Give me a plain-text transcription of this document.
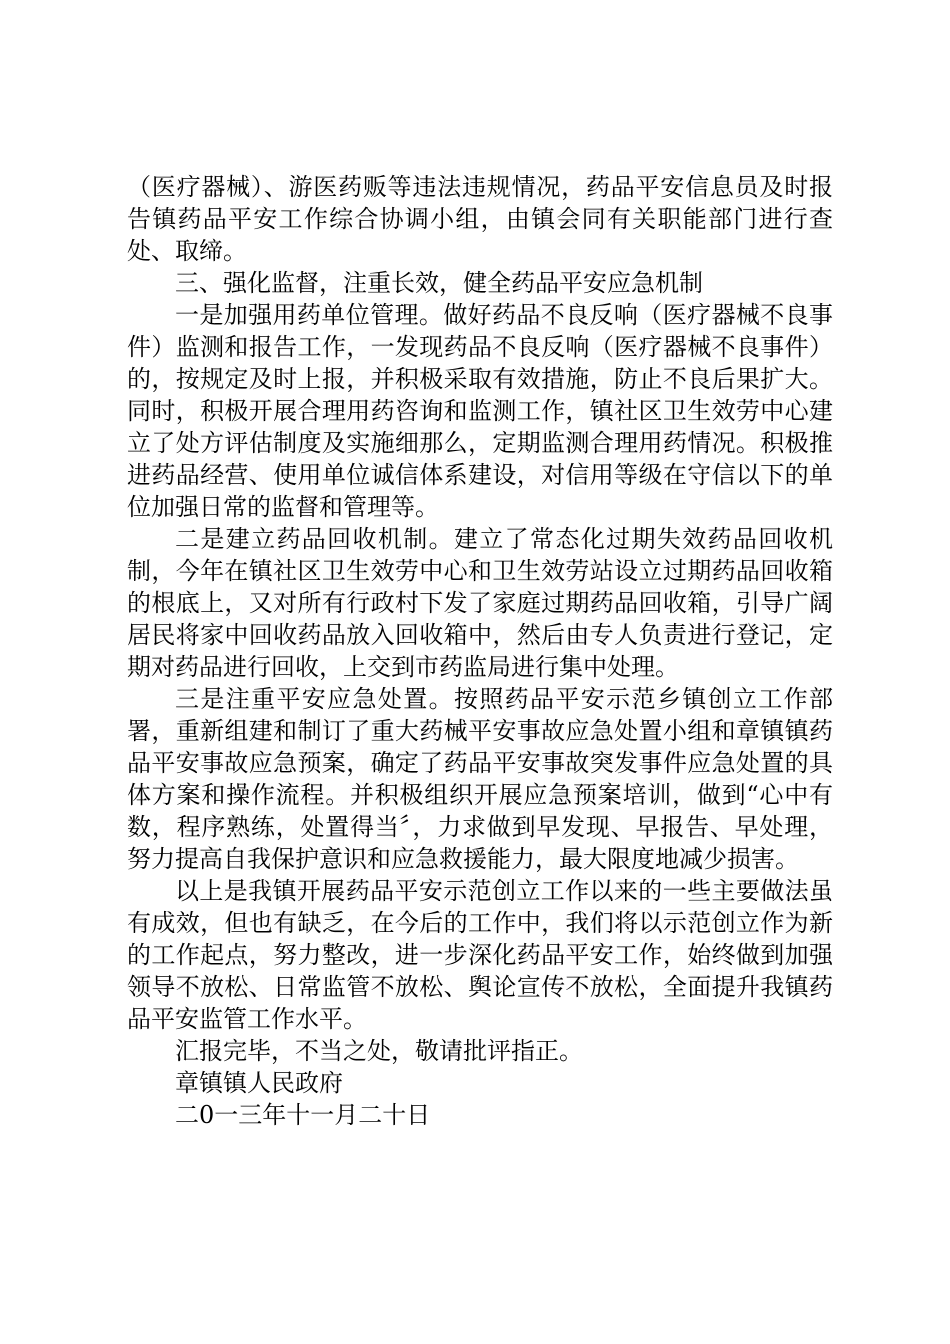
（医疗器械）、游医药贩等违法违规情况，药品平安信息员及时报告镇药品平安工作综合协调小组，由镇会同有关职能部门进行查处、取缔。

三、强化监督，注重长效，健全药品平安应急机制

一是加强用药单位管理。做好药品不良反响（医疗器械不良事件）监测和报告工作，一发现药品不良反响（医疗器械不良事件）的，按规定及时上报，并积极采取有效措施，防止不良后果扩大。同时，积极开展合理用药咨询和监测工作，镇社区卫生效劳中心建立了处方评估制度及实施细那么，定期监测合理用药情况。积极推进药品经营、使用单位诚信体系建设，对信用等级在守信以下的单位加强日常的监督和管理等。

二是建立药品回收机制。建立了常态化过期失效药品回收机制，今年在镇社区卫生效劳中心和卫生效劳站设立过期药品回收箱的根底上，又对所有行政村下发了家庭过期药品回收箱，引导广阔居民将家中回收药品放入回收箱中，然后由专人负责进行登记，定期对药品进行回收，上交到市药监局进行集中处理。

三是注重平安应急处置。按照药品平安示范乡镇创立工作部署，重新组建和制订了重大药械平安事故应急处置小组和章镇镇药品平安事故应急预案，确定了药品平安事故突发事件应急处置的具体方案和操作流程。并积极组织开展应急预案培训，做到“心中有数，程序熟练，处置得当〞，力求做到早发现、早报告、早处理，努力提高自我保护意识和应急救援能力，最大限度地减少损害。

以上是我镇开展药品平安示范创立工作以来的一些主要做法虽有成效，但也有缺乏，在今后的工作中，我们将以示范创立作为新的工作起点，努力整改，进一步深化药品平安工作，始终做到加强领导不放松、日常监管不放松、舆论宣传不放松，全面提升我镇药品平安监管工作水平。

汇报完毕，不当之处，敬请批评指正。

章镇镇人民政府

二0一三年十一月二十日
